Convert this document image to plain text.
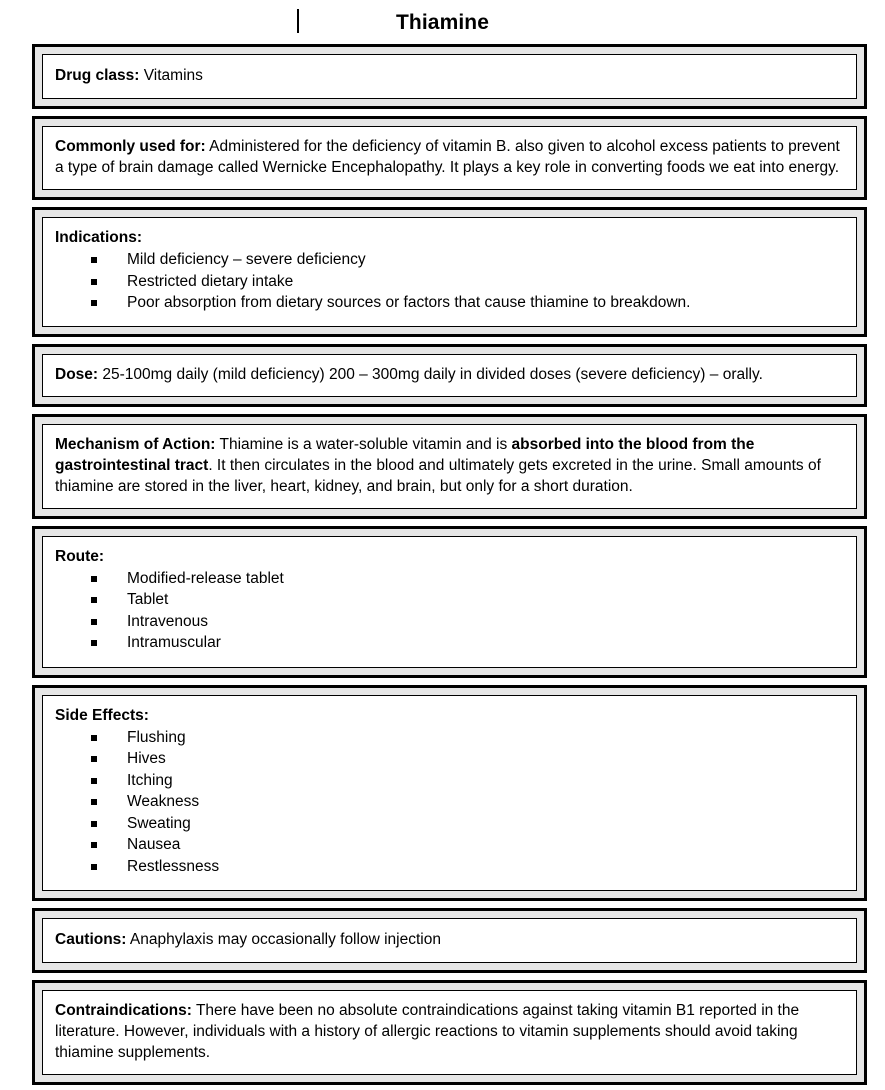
Thiamine

Drug class: Vitamins

Commonly used for: Administered for the deficiency of vitamin B. also given to alcohol excess patients to prevent a type of brain damage called Wernicke Encephalopathy. It plays a key role in converting foods we eat into energy.

Indications:

Mild deficiency – severe deficiency
Restricted dietary intake
Poor absorption from dietary sources or factors that cause thiamine to breakdown.

Dose: 25-100mg daily (mild deficiency) 200 – 300mg daily in divided doses (severe deficiency) – orally.

Mechanism of Action: Thiamine is a water-soluble vitamin and is absorbed into the blood from the gastrointestinal tract. It then circulates in the blood and ultimately gets excreted in the urine. Small amounts of thiamine are stored in the liver, heart, kidney, and brain, but only for a short duration.

Route:

Modified-release tablet
Tablet
Intravenous
Intramuscular

Side Effects:

Flushing
Hives
Itching
Weakness
Sweating
Nausea
Restlessness

Cautions: Anaphylaxis may occasionally follow injection

Contraindications: There have been no absolute contraindications against taking vitamin B1 reported in the literature. However, individuals with a history of allergic reactions to vitamin supplements should avoid taking thiamine supplements.
